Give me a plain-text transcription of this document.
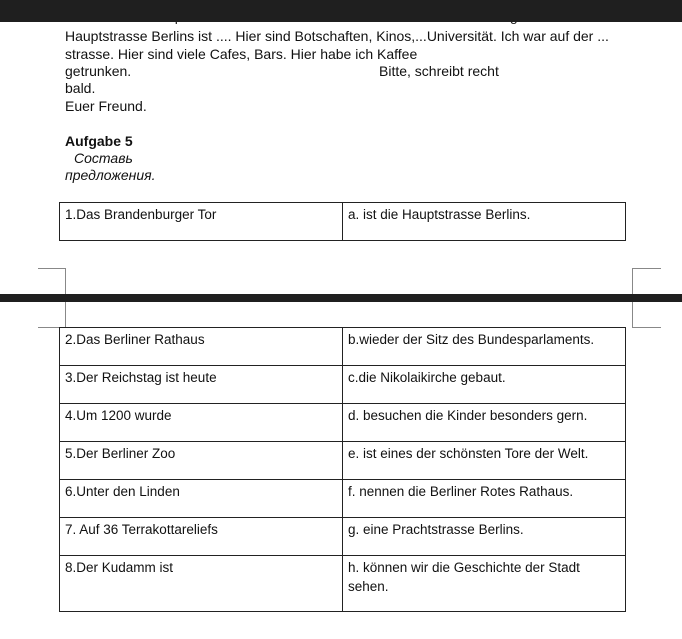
Hauptstrasse Berlins ist .... Hier sind Botschaften, Kinos,...Universität. Ich war auf der ...
strasse. Hier sind viele Cafes, Bars. Hier habe ich Kaffee
getrunken.	Bitte, schreibt recht
bald.
Euer Freund.
Aufgabe 5
Составь
предложения.
1.Das Brandenburger Tor	a. ist die Hauptstrasse Berlins.
2.Das Berliner Rathaus	b.wieder der Sitz des Bundesparlaments.
3.Der Reichstag ist heute	c.die Nikolaikirche gebaut.
4.Um 1200 wurde	d. besuchen die Kinder besonders gern.
5.Der Berliner Zoo	e. ist eines der schönsten Tore der Welt.
6.Unter den Linden	f. nennen die Berliner Rotes Rathaus.
7. Auf 36 Terrakottareliefs	g. eine Prachtstrasse Berlins.
8.Der Kudamm ist	h. können wir die Geschichte der Stadt sehen.
